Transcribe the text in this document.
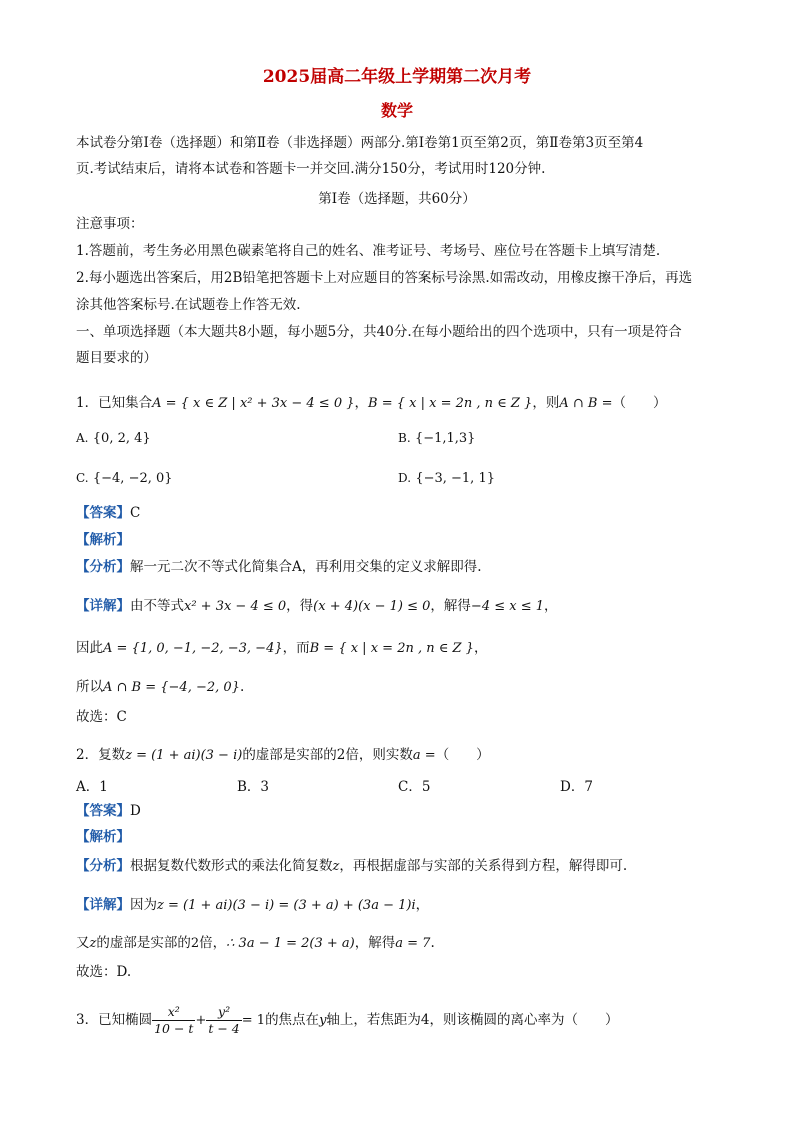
2025届高二年级上学期第二次月考
数学
本试卷分第Ⅰ卷（选择题）和第Ⅱ卷（非选择题）两部分.第Ⅰ卷第1页至第2页，第Ⅱ卷第3页至第4
页.考试结束后，请将本试卷和答题卡一并交回.满分150分，考试用时120分钟.
第Ⅰ卷（选择题，共60分）
注意事项：
1.答题前，考生务必用黑色碳素笔将自己的姓名、准考证号、考场号、座位号在答题卡上填写清楚.
2.每小题选出答案后，用2B铅笔把答题卡上对应题目的答案标号涂黑.如需改动，用橡皮擦干净后，再选
涂其他答案标号.在试题卷上作答无效.
一、单项选择题（本大题共8小题，每小题5分，共40分.在每小题给出的四个选项中，只有一项是符合
题目要求的）
1．已知集合A = { x ∈ Z | x² + 3x − 4 ≤ 0 }，B = { x | x = 2n , n ∈ Z }，则A ∩ B =（　　）
A. {0, 2, 4}	B. {−1,1,3}
C. {−4, −2, 0}	D. {−3, −1, 1}
【答案】C
【解析】
【分析】解一元二次不等式化简集合A，再利用交集的定义求解即得.
【详解】由不等式x² + 3x − 4 ≤ 0，得(x + 4)(x − 1) ≤ 0，解得−4 ≤ x ≤ 1，
因此A = {1, 0, −1, −2, −3, −4}，而B = { x | x = 2n , n ∈ Z }，
所以A ∩ B = {−4, −2, 0}.
故选：C
2．复数z = (1 + ai)(3 − i)的虚部是实部的2倍，则实数a =（　　）
A．1	B．3	C．5	D．7
【答案】D
【解析】
【分析】根据复数代数形式的乘法化简复数z，再根据虚部与实部的关系得到方程，解得即可.
【详解】因为z = (1 + ai)(3 − i) = (3 + a) + (3a − 1)i，
又z的虚部是实部的2倍，∴ 3a − 1 = 2(3 + a)，解得a = 7.
故选：D.
3．已知椭圆 $\frac{\text{x²}}{10 - t} + \frac{\text{y²}}{t - 4} = 1$的焦点在y轴上，若焦距为4，则该椭圆的离心率为（　　）
